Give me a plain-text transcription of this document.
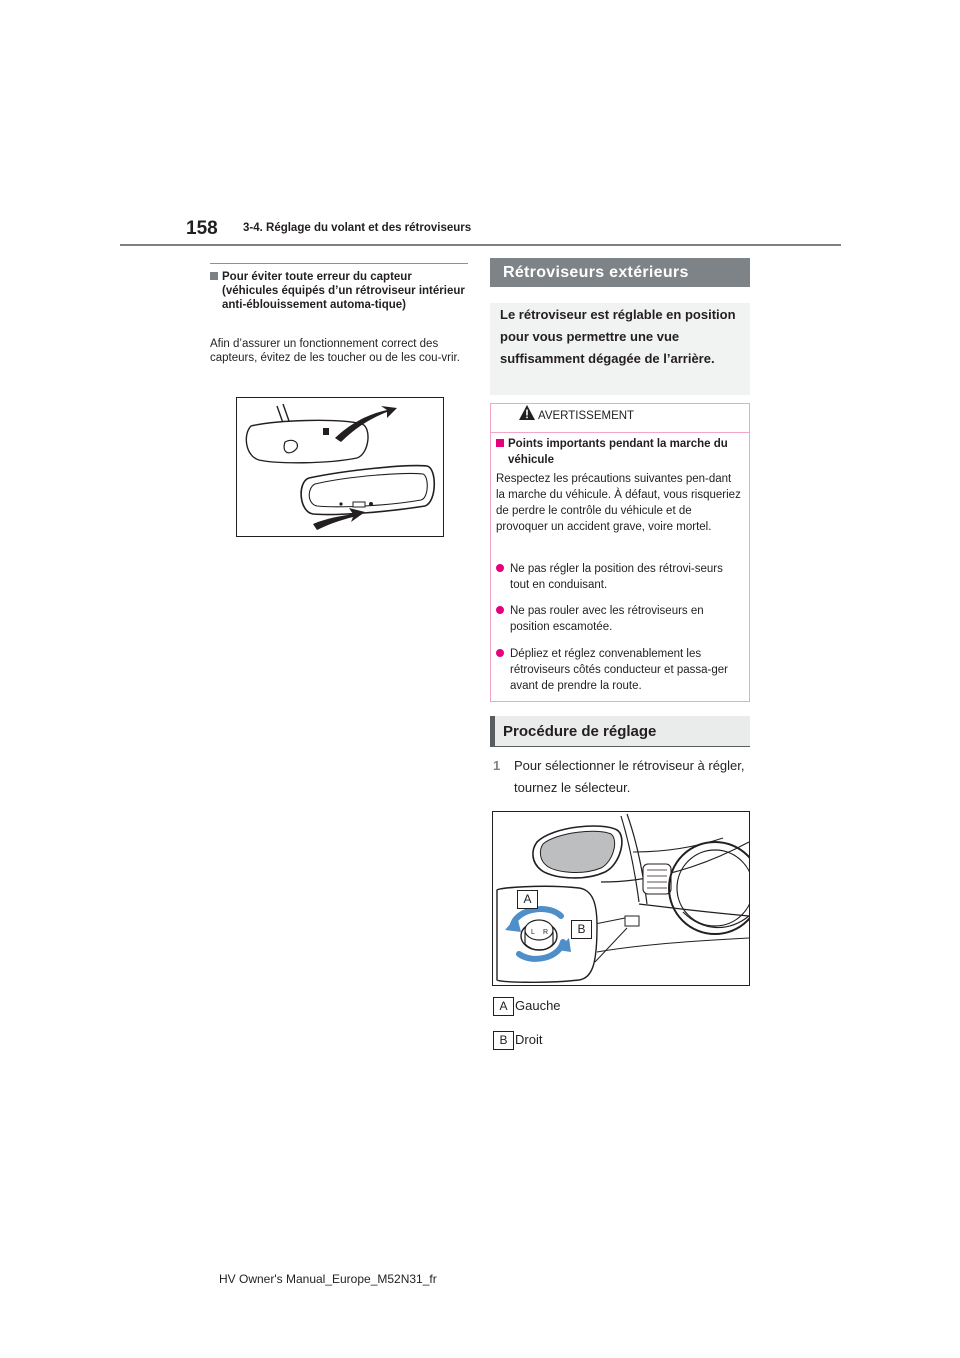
158 3-4. Réglage du volant et des rétroviseurs
Pour éviter toute erreur du capteur (véhicules équipés d’un rétroviseur intérieur anti-éblouissement automa-tique)
Afin d’assurer un fonctionnement correct des capteurs, évitez de les toucher ou de les cou-vrir.
Rétroviseurs extérieurs
Le rétroviseur est réglable en position pour vous permettre une vue suffisamment dégagée de l’arrière.
AVERTISSEMENT
Points importants pendant la marche du véhicule
Respectez les précautions suivantes pen-dant la marche du véhicule. À défaut, vous risqueriez de perdre le contrôle du véhicule et de provoquer un accident grave, voire mortel.
Ne pas régler la position des rétrovi-seurs tout en conduisant.
Ne pas rouler avec les rétroviseurs en position escamotée.
Dépliez et réglez convenablement les rétroviseurs côtés conducteur et passa-ger avant de prendre la route.
Procédure de réglage
1 Pour sélectionner le rétroviseur à régler, tournez le sélecteur.
L R
A
B
A Gauche
B Droit
HV Owner's Manual_Europe_M52N31_fr
